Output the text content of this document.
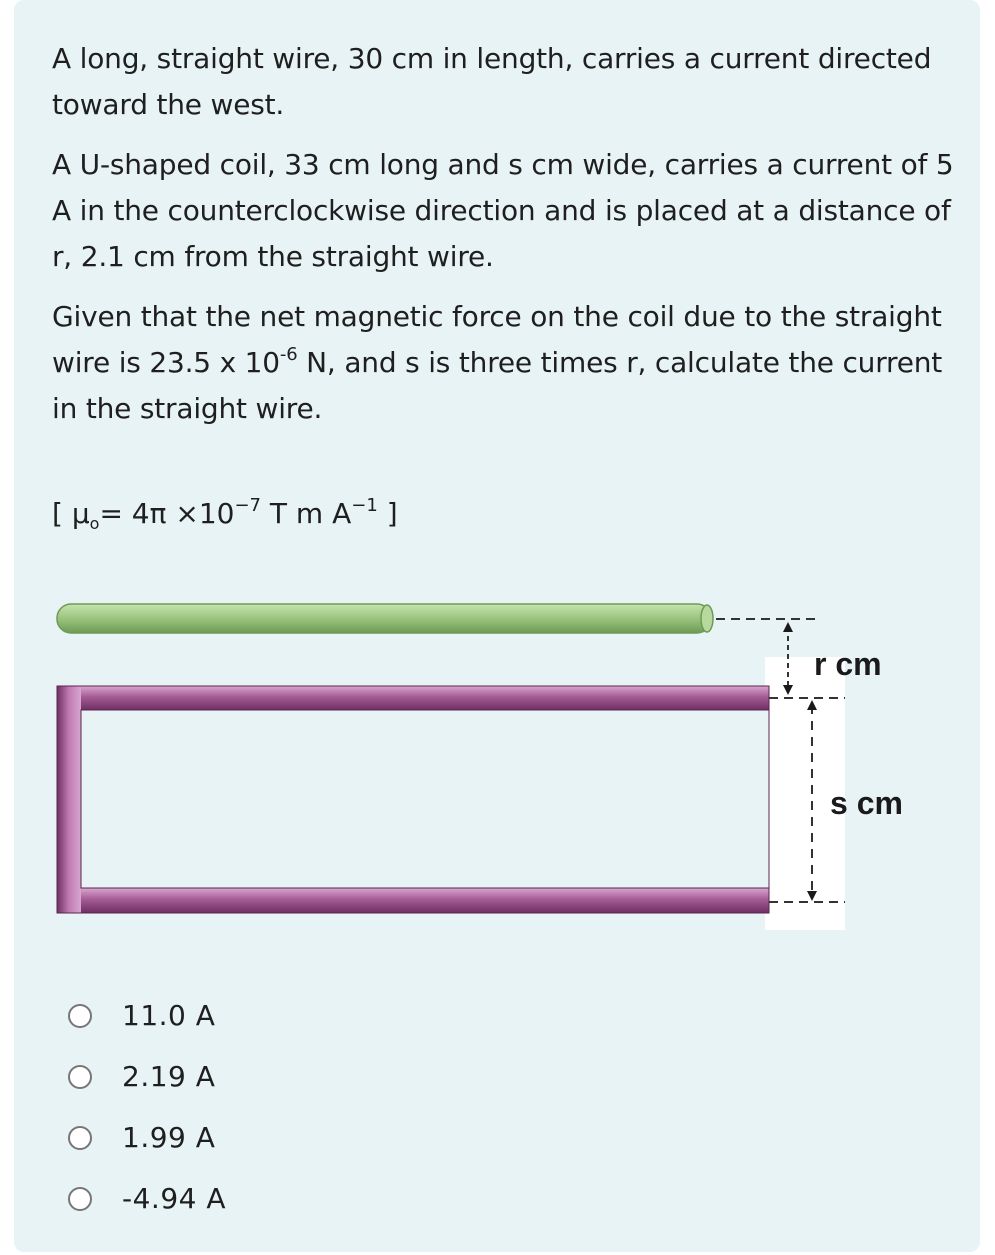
A long, straight wire, 30 cm in length, carries a current directed toward the west.

A U-shaped coil, 33 cm long and s cm wide, carries a current of 5 A in the counterclockwise direction and is placed at a distance of r, 2.1 cm from the straight wire.

Given that the net magnetic force on the coil due to the straight wire is 23.5 x $10^{-6}$ N, and s is three times r, calculate the current in the straight wire.

[ $\mu_o= 4\pi \times 10^{-7}$ T m $A^{-1}$ ]

r cm
s cm
11.0 A
2.19 A
1.99 A
-4.94 A
